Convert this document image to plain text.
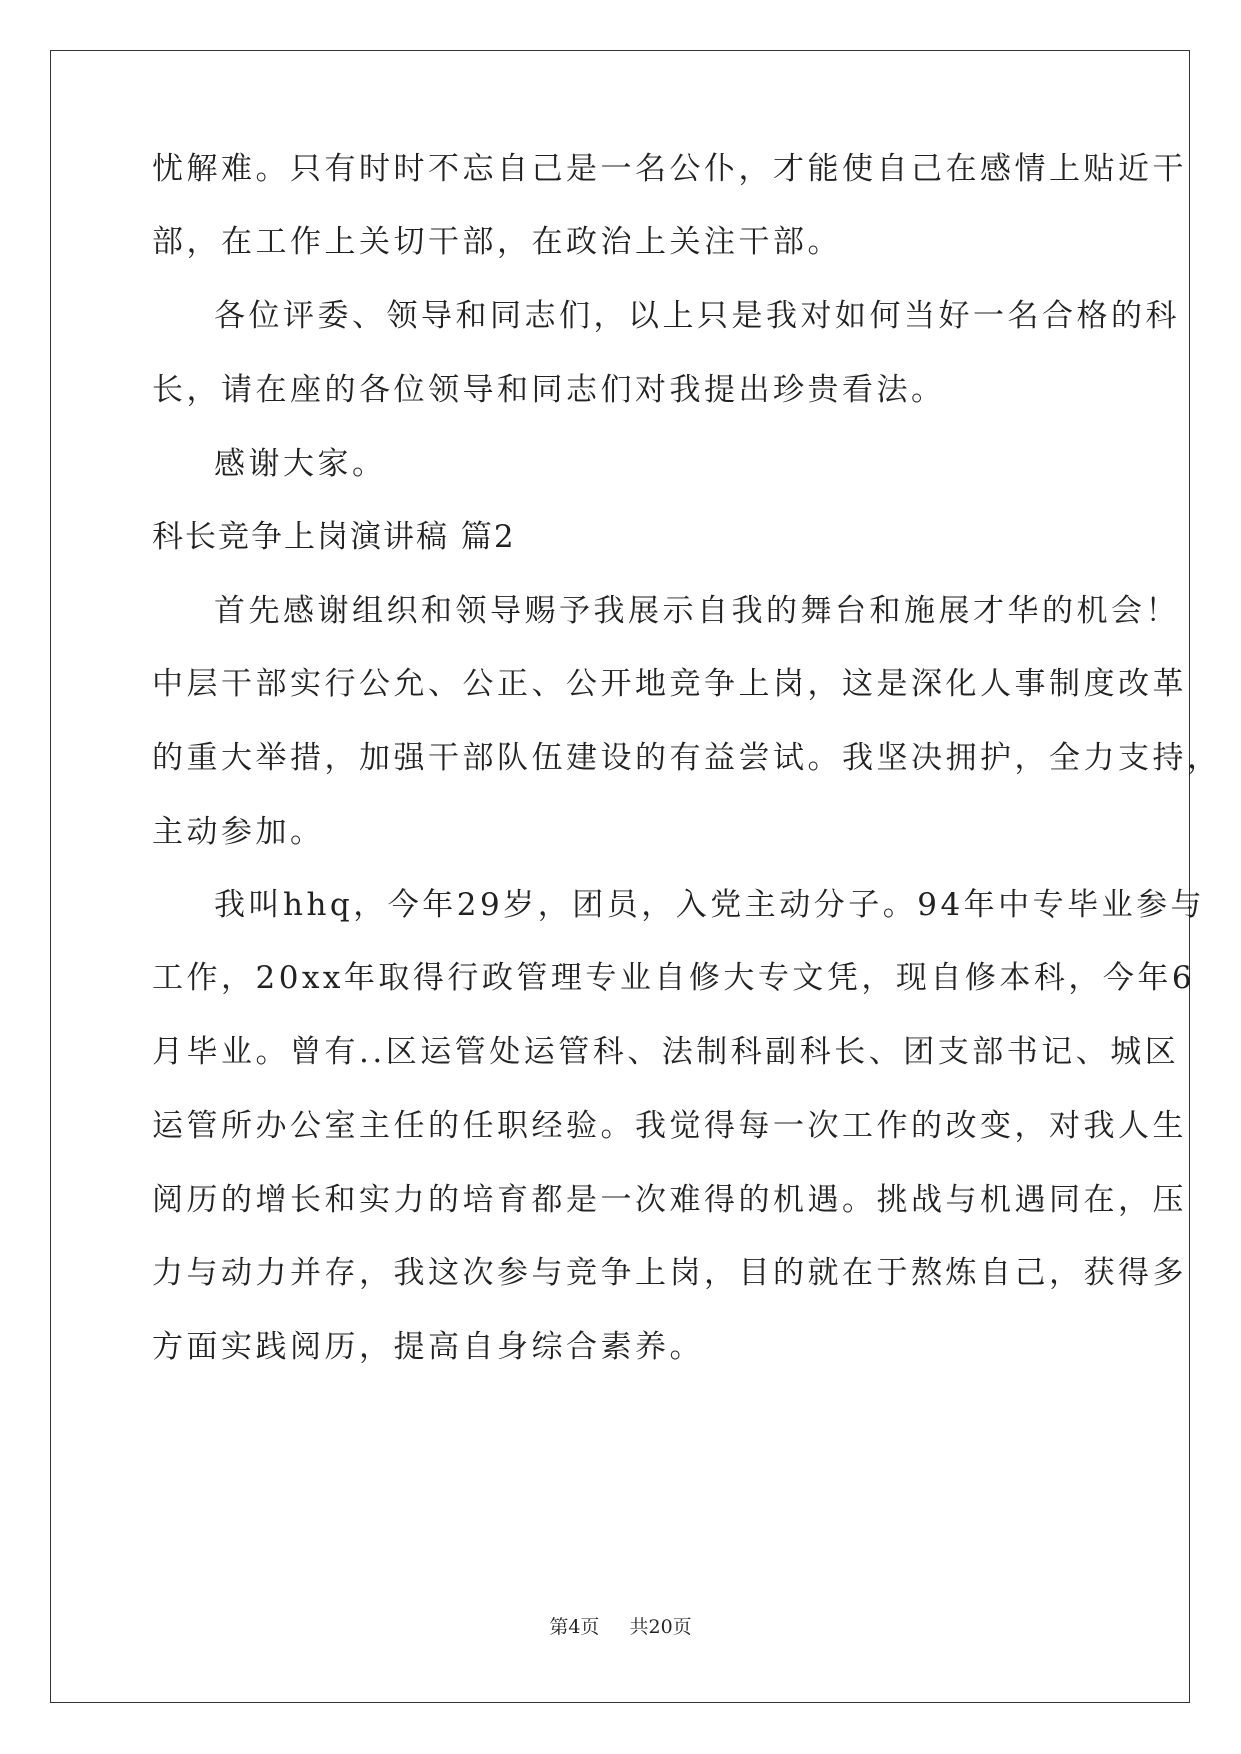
忧解难。只有时时不忘自己是一名公仆，才能使自己在感情上贴近干
部，在工作上关切干部，在政治上关注干部。
各位评委、领导和同志们，以上只是我对如何当好一名合格的科
长，请在座的各位领导和同志们对我提出珍贵看法。
感谢大家。
科长竞争上岗演讲稿 篇2
首先感谢组织和领导赐予我展示自我的舞台和施展才华的机会！
中层干部实行公允、公正、公开地竞争上岗，这是深化人事制度改革
的重大举措，加强干部队伍建设的有益尝试。我坚决拥护，全力支持，
主动参加。
我叫hhq，今年29岁，团员，入党主动分子。94年中专毕业参与
工作，20xx年取得行政管理专业自修大专文凭，现自修本科，今年6
月毕业。曾有..区运管处运管科、法制科副科长、团支部书记、城区
运管所办公室主任的任职经验。我觉得每一次工作的改变，对我人生
阅历的增长和实力的培育都是一次难得的机遇。挑战与机遇同在，压
力与动力并存，我这次参与竞争上岗，目的就在于熬炼自己，获得多
方面实践阅历，提高自身综合素养。
第4页 共20页
